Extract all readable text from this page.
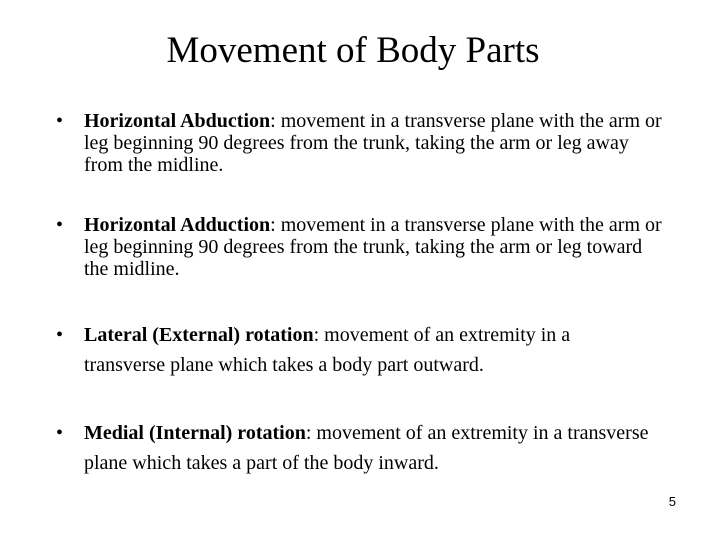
Movement of Body Parts
•	Horizontal Abduction: movement in a transverse plane with the arm or leg beginning 90 degrees from the trunk, taking the arm or leg away from the midline.

•	Horizontal Adduction: movement in a transverse plane with the arm or leg beginning 90 degrees from the trunk, taking the arm or leg toward the midline.

•	Lateral (External) rotation: movement of an extremity in a transverse plane which takes a body part outward.

•	Medial (Internal) rotation: movement of an extremity in a transverse plane which takes a part of the body inward.

5
